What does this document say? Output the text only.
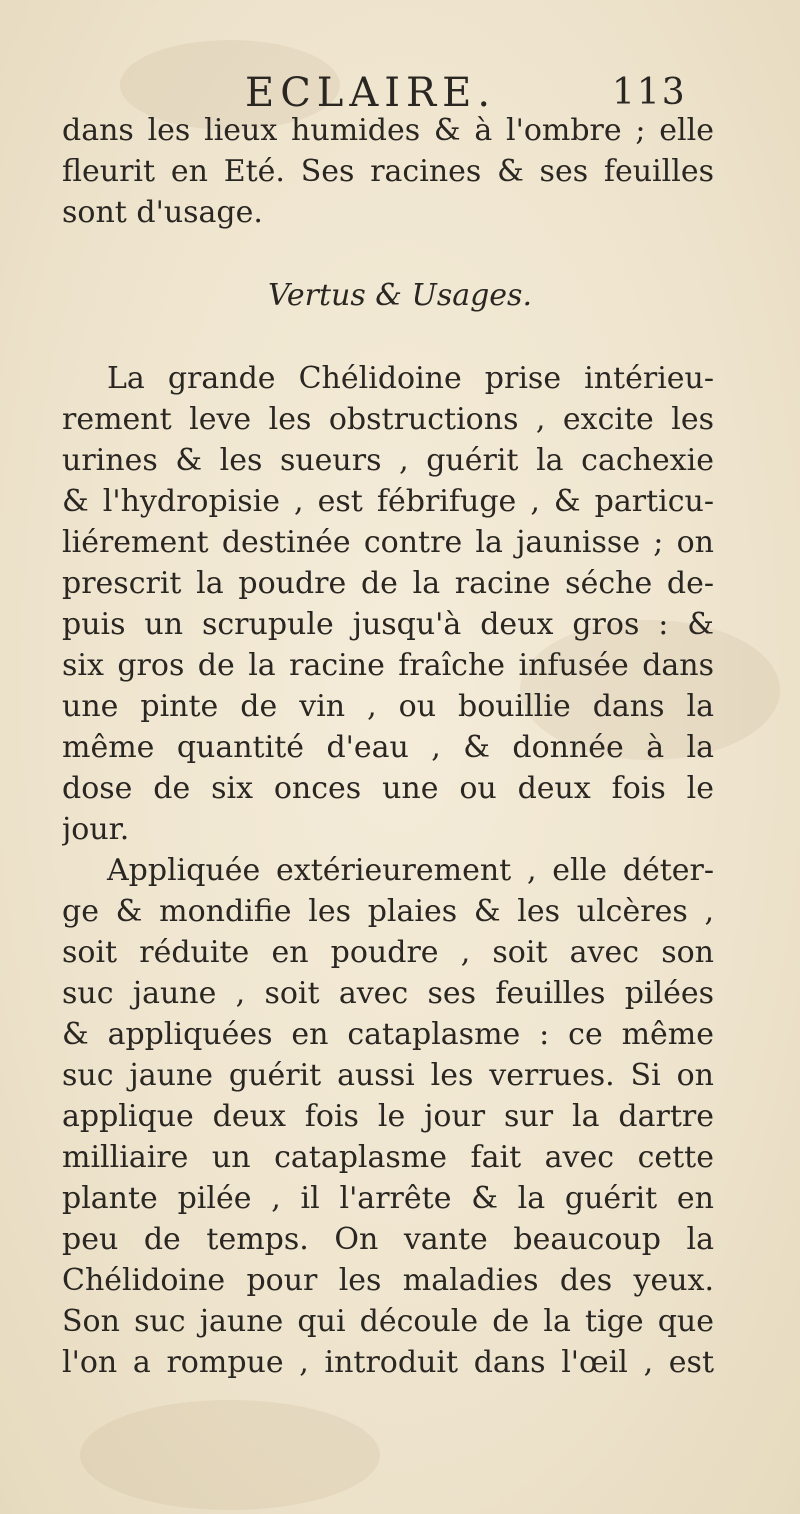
ECLAIRE.	113
dans les lieux humides & à l'ombre ; elle
fleurit en Eté. Ses racines & ses feuilles
sont d'usage.
Vertus & Usages.
La grande Chélidoine prise intérieu-
rement leve les obstructions , excite les
urines & les sueurs , guérit la cachexie
& l'hydropisie , est fébrifuge , & particu-
liérement destinée contre la jaunisse ; on
prescrit la poudre de la racine séche de-
puis un scrupule jusqu'à deux gros : &
six gros de la racine fraîche infusée dans
une pinte de vin , ou bouillie dans la
même quantité d'eau , & donnée à la
dose de six onces une ou deux fois le
jour.
Appliquée extérieurement , elle déter-
ge & mondifie les plaies & les ulcères ,
soit réduite en poudre , soit avec son
suc jaune , soit avec ses feuilles pilées
& appliquées en cataplasme : ce même
suc jaune guérit aussi les verrues. Si on
applique deux fois le jour sur la dartre
milliaire un cataplasme fait avec cette
plante pilée , il l'arrête & la guérit en
peu de temps. On vante beaucoup la
Chélidoine pour les maladies des yeux.
Son suc jaune qui découle de la tige que
l'on a rompue , introduit dans l'œil , est
